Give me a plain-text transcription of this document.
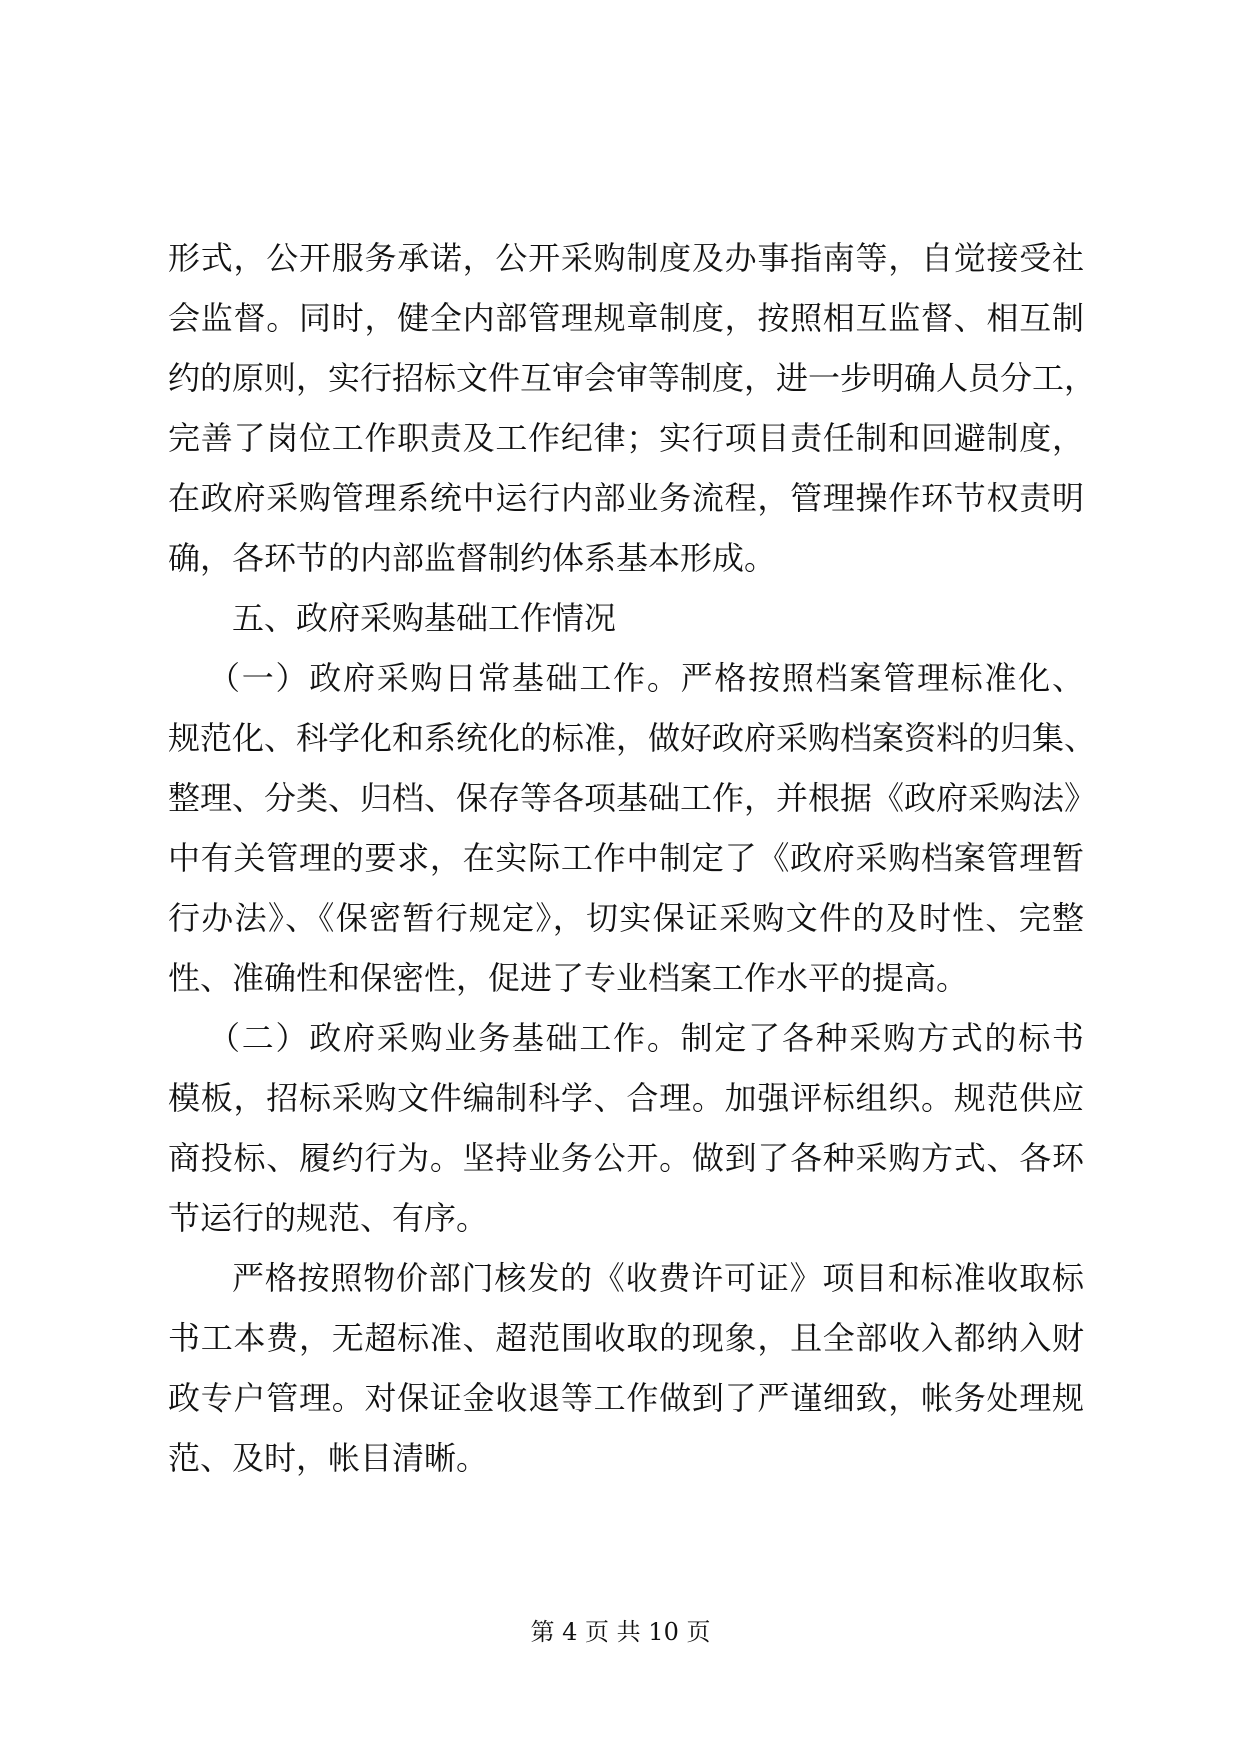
形式，公开服务承诺，公开采购制度及办事指南等，自觉接受社
会监督。同时，健全内部管理规章制度，按照相互监督、相互制
约的原则，实行招标文件互审会审等制度，进一步明确人员分工，
完善了岗位工作职责及工作纪律；实行项目责任制和回避制度，
在政府采购管理系统中运行内部业务流程，管理操作环节权责明
确，各环节的内部监督制约体系基本形成。
五、政府采购基础工作情况
（一）政府采购日常基础工作。严格按照档案管理标准化、
规范化、科学化和系统化的标准，做好政府采购档案资料的归集、
整理、分类、归档、保存等各项基础工作，并根据《政府采购法》
中有关管理的要求，在实际工作中制定了《政府采购档案管理暂
行办法》、《保密暂行规定》，切实保证采购文件的及时性、完整
性、准确性和保密性，促进了专业档案工作水平的提高。
（二）政府采购业务基础工作。制定了各种采购方式的标书
模板，招标采购文件编制科学、合理。加强评标组织。规范供应
商投标、履约行为。坚持业务公开。做到了各种采购方式、各环
节运行的规范、有序。
严格按照物价部门核发的《收费许可证》项目和标准收取标
书工本费，无超标准、超范围收取的现象，且全部收入都纳入财
政专户管理。对保证金收退等工作做到了严谨细致，帐务处理规
范、及时，帐目清晰。
第 4 页 共 10 页
